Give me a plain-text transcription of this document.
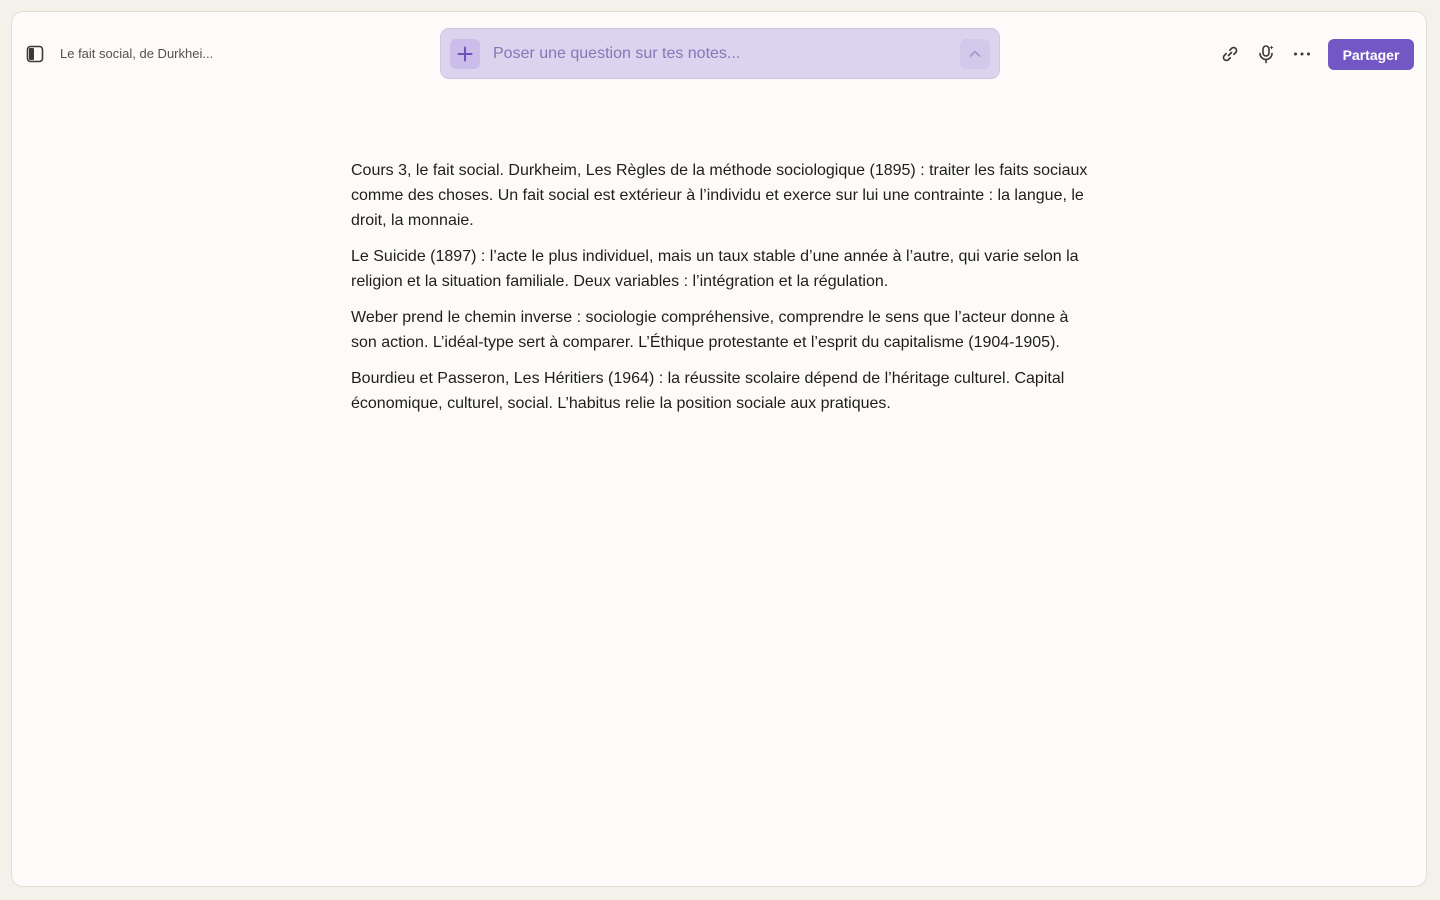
Le fait social, de Durkhei...
Poser une question sur tes notes...	Partager

Cours 3, le fait social. Durkheim, Les Règles de la méthode sociologique (1895) : traiter les faits sociaux comme des choses. Un fait social est extérieur à l’individu et exerce sur lui une contrainte : la langue, le droit, la monnaie.

Le Suicide (1897) : l’acte le plus individuel, mais un taux stable d’une année à l’autre, qui varie selon la religion et la situation familiale. Deux variables : l’intégration et la régulation.

Weber prend le chemin inverse : sociologie compréhensive, comprendre le sens que l’acteur donne à son action. L’idéal-type sert à comparer. L’Éthique protestante et l’esprit du capitalisme (1904-1905).

Bourdieu et Passeron, Les Héritiers (1964) : la réussite scolaire dépend de l’héritage culturel. Capital économique, culturel, social. L’habitus relie la position sociale aux pratiques.
